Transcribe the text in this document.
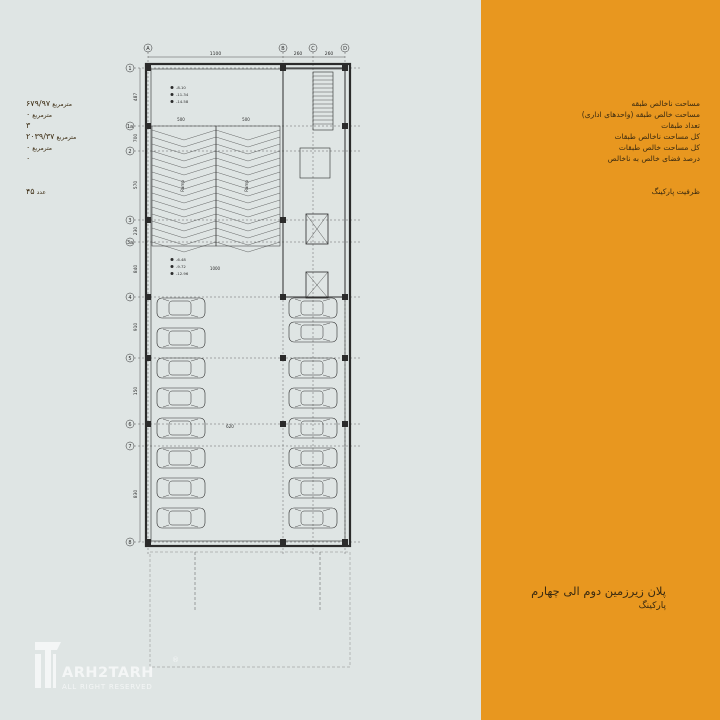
A	B	C	D
1
1a
2
3
3a
4
5
6
7
8
1100	260	260
487
700
570
230
840
910
150
830
500	500
1000
620
Ramp	Ramp
-8.10
-11.34
-14.58
-6.48
-9.72
-12.96
ARH2TARH
ALL RIGHT RESERVED
®
مساحت ناخالص طبقه
۶۷۹/۹۷ مترمربع
مساحت خالص طبقه (واحدهای اداری)
۰ مترمربع
تعداد طبقات
۳
کل مساحت ناخالص طبقات
۲۰۳۹/۳۷ مترمربع
کل مساحت خالص طبقات
۰ مترمربع
درصد فضای خالص به ناخالص
۰
ظرفیت پارکینگ
۴۵ عدد
پلان زیرزمین دوم الی چهارم
پارکینگ
